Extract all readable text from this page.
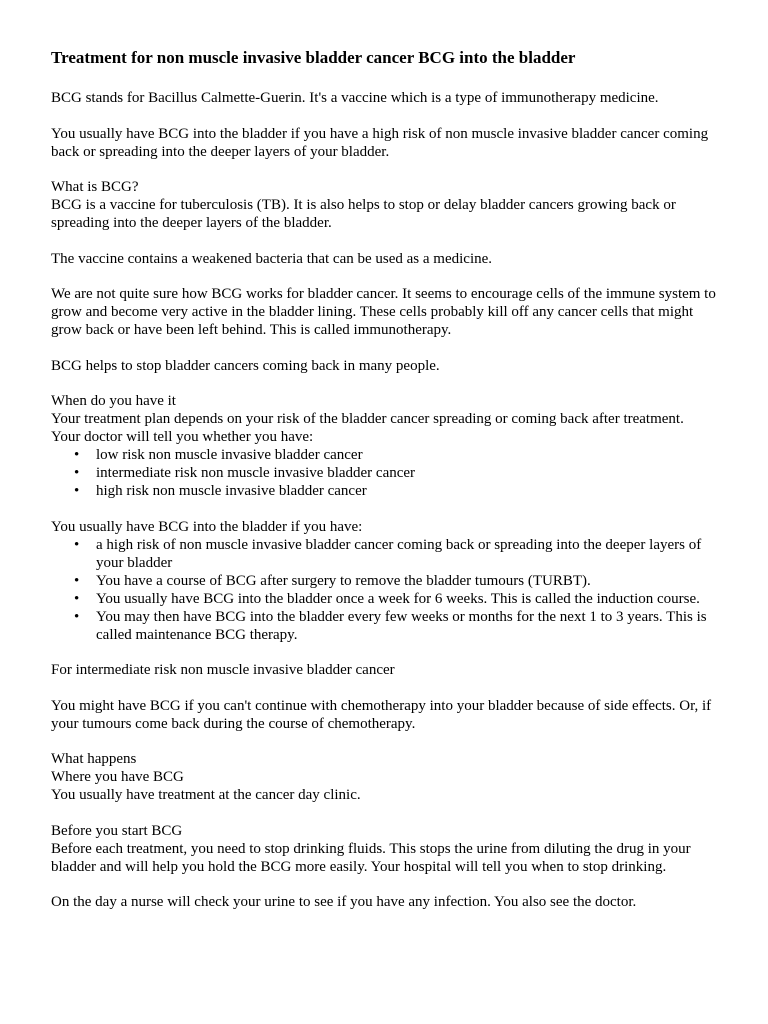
Treatment for non muscle invasive bladder cancer BCG into the bladder

BCG stands for Bacillus Calmette-Guerin. It's a vaccine which is a type of immunotherapy medicine.

You usually have BCG into the bladder if you have a high risk of non muscle invasive bladder cancer coming back or spreading into the deeper layers of your bladder.

What is BCG?

BCG is a vaccine for tuberculosis (TB). It is also helps to stop or delay bladder cancers growing back or spreading into the deeper layers of the bladder.

The vaccine contains a weakened bacteria that can be used as a medicine.

We are not quite sure how BCG works for bladder cancer. It seems to encourage cells of the immune system to grow and become very active in the bladder lining. These cells probably kill off any cancer cells that might grow back or have been left behind. This is called immunotherapy.

BCG helps to stop bladder cancers coming back in many people.

When do you have it

Your treatment plan depends on your risk of the bladder cancer spreading or coming back after treatment.

Your doctor will tell you whether you have:

• low risk non muscle invasive bladder cancer
• intermediate risk non muscle invasive bladder cancer
• high risk non muscle invasive bladder cancer

You usually have BCG into the bladder if you have:

• a high risk of non muscle invasive bladder cancer coming back or spreading into the deeper layers of your bladder
• You have a course of BCG after surgery to remove the bladder tumours (TURBT).
• You usually have BCG into the bladder once a week for 6 weeks. This is called the induction course.
• You may then have BCG into the bladder every few weeks or months for the next 1 to 3 years. This is called maintenance BCG therapy.

For intermediate risk non muscle invasive bladder cancer

You might have BCG if you can't continue with chemotherapy into your bladder because of side effects. Or, if your tumours come back during the course of chemotherapy.

What happens

Where you have BCG

You usually have treatment at the cancer day clinic.

Before you start BCG

Before each treatment, you need to stop drinking fluids. This stops the urine from diluting the drug in your bladder and will help you hold the BCG more easily. Your hospital will tell you when to stop drinking.

On the day a nurse will check your urine to see if you have any infection. You also see the doctor.
